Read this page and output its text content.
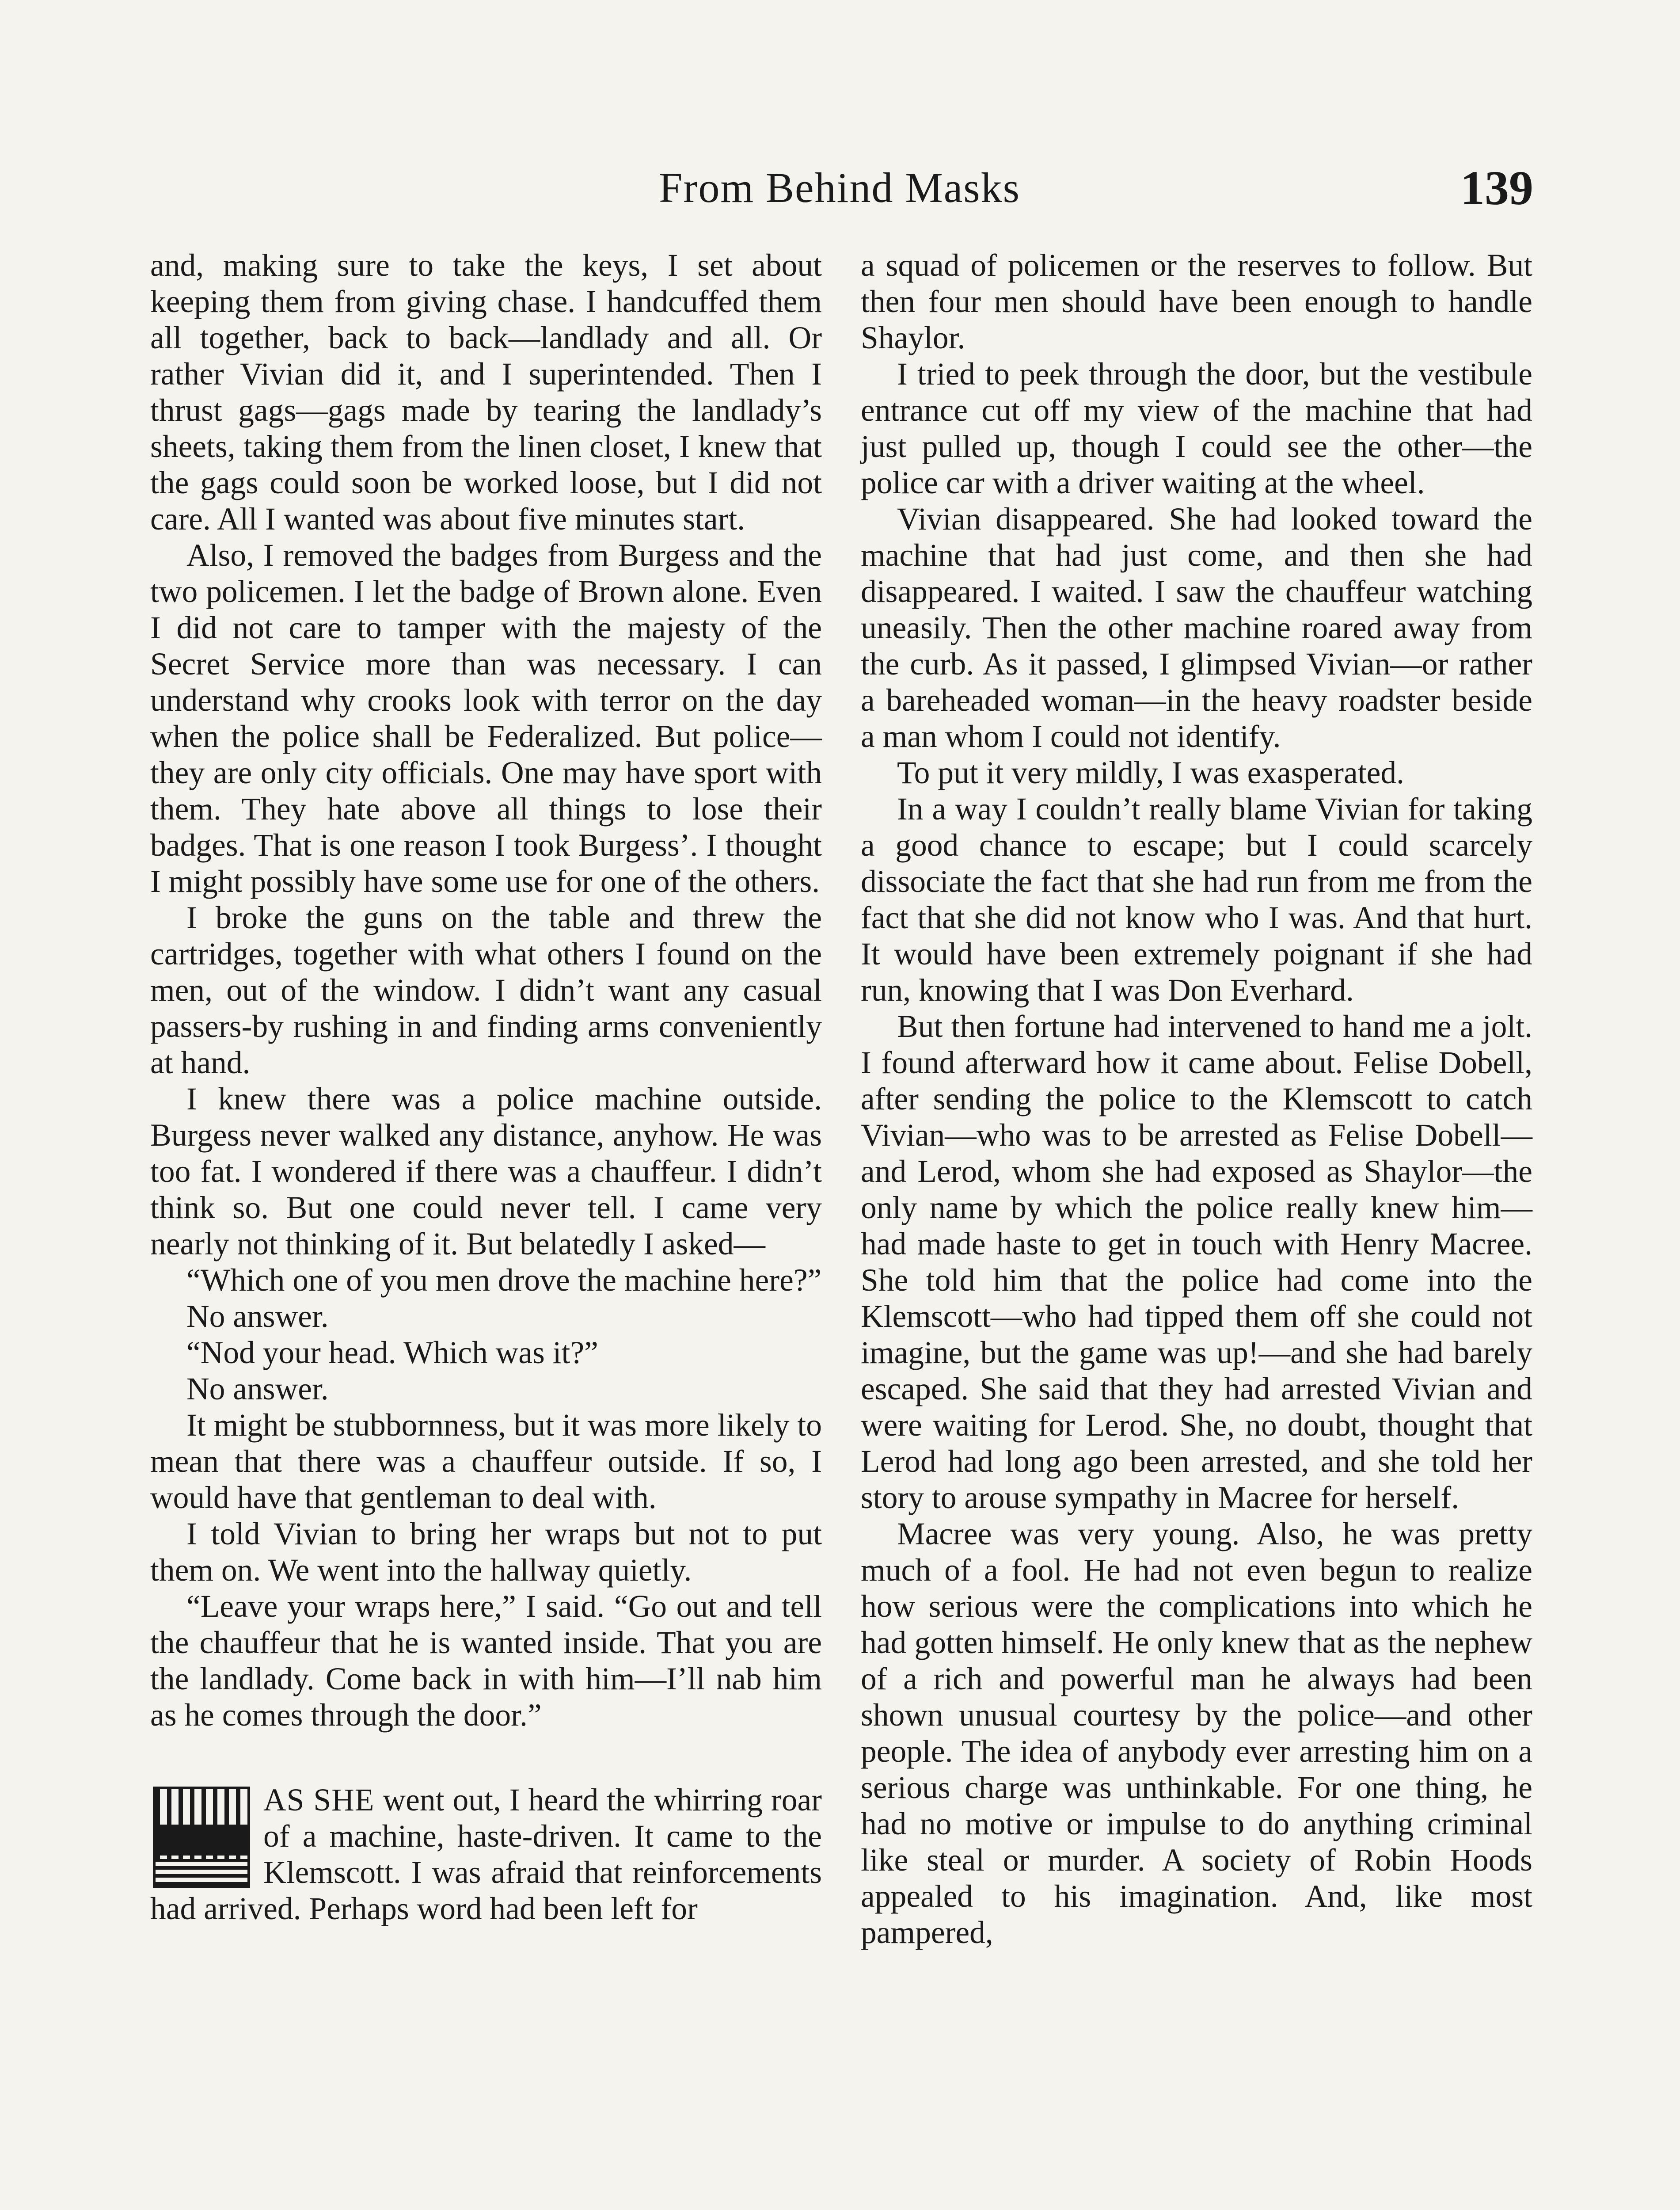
From Behind Masks	139

and, making sure to take the keys, I set about keeping them from giving chase. I handcuffed them all together, back to back—landlady and all. Or rather Vivian did it, and I superintended. Then I thrust gags—gags made by tearing the landlady’s sheets, taking them from the linen closet, I knew that the gags could soon be worked loose, but I did not care. All I wanted was about five minutes start.

Also, I removed the badges from Burgess and the two policemen. I let the badge of Brown alone. Even I did not care to tamper with the majesty of the Secret Service more than was necessary. I can understand why crooks look with terror on the day when the police shall be Federalized. But police—they are only city officials. One may have sport with them. They hate above all things to lose their badges. That is one reason I took Burgess’. I thought I might possibly have some use for one of the others.

I broke the guns on the table and threw the cartridges, together with what others I found on the men, out of the window. I didn’t want any casual passers-by rushing in and finding arms conveniently at hand.

I knew there was a police machine outside. Burgess never walked any distance, anyhow. He was too fat. I wondered if there was a chauffeur. I didn’t think so. But one could never tell. I came very nearly not thinking of it. But belatedly I asked—

“Which one of you men drove the machine here?”

No answer.

“Nod your head. Which was it?”

No answer.

It might be stubbornness, but it was more likely to mean that there was a chauffeur outside. If so, I would have that gentleman to deal with.

I told Vivian to bring her wraps but not to put them on. We went into the hallway quietly.

“Leave your wraps here,” I said. “Go out and tell the chauffeur that he is wanted inside. That you are the landlady. Come back in with him—I’ll nab him as he comes through the door.”

AS SHE went out, I heard the whirring roar of a machine, haste-driven. It came to the Klemscott. I was afraid that reinforcements had arrived. Perhaps word had been left for

a squad of policemen or the reserves to follow. But then four men should have been enough to handle Shaylor.

I tried to peek through the door, but the vestibule entrance cut off my view of the machine that had just pulled up, though I could see the other—the police car with a driver waiting at the wheel.

Vivian disappeared. She had looked toward the machine that had just come, and then she had disappeared. I waited. I saw the chauffeur watching uneasily. Then the other machine roared away from the curb. As it passed, I glimpsed Vivian—or rather a bareheaded woman—in the heavy roadster beside a man whom I could not identify.

To put it very mildly, I was exasperated.

In a way I couldn’t really blame Vivian for taking a good chance to escape; but I could scarcely dissociate the fact that she had run from me from the fact that she did not know who I was. And that hurt. It would have been extremely poignant if she had run, knowing that I was Don Everhard.

But then fortune had intervened to hand me a jolt. I found afterward how it came about. Felise Dobell, after sending the police to the Klemscott to catch Vivian—who was to be arrested as Felise Dobell—and Lerod, whom she had exposed as Shaylor—the only name by which the police really knew him—had made haste to get in touch with Henry Macree. She told him that the police had come into the Klemscott—who had tipped them off she could not imagine, but the game was up!—and she had barely escaped. She said that they had arrested Vivian and were waiting for Lerod. She, no doubt, thought that Lerod had long ago been arrested, and she told her story to arouse sympathy in Macree for herself.

Macree was very young. Also, he was pretty much of a fool. He had not even begun to realize how serious were the complications into which he had gotten himself. He only knew that as the nephew of a rich and powerful man he always had been shown unusual courtesy by the police—and other people. The idea of anybody ever arresting him on a serious charge was unthinkable. For one thing, he had no motive or impulse to do anything criminal like steal or murder. A society of Robin Hoods appealed to his imagination. And, like most pampered,
